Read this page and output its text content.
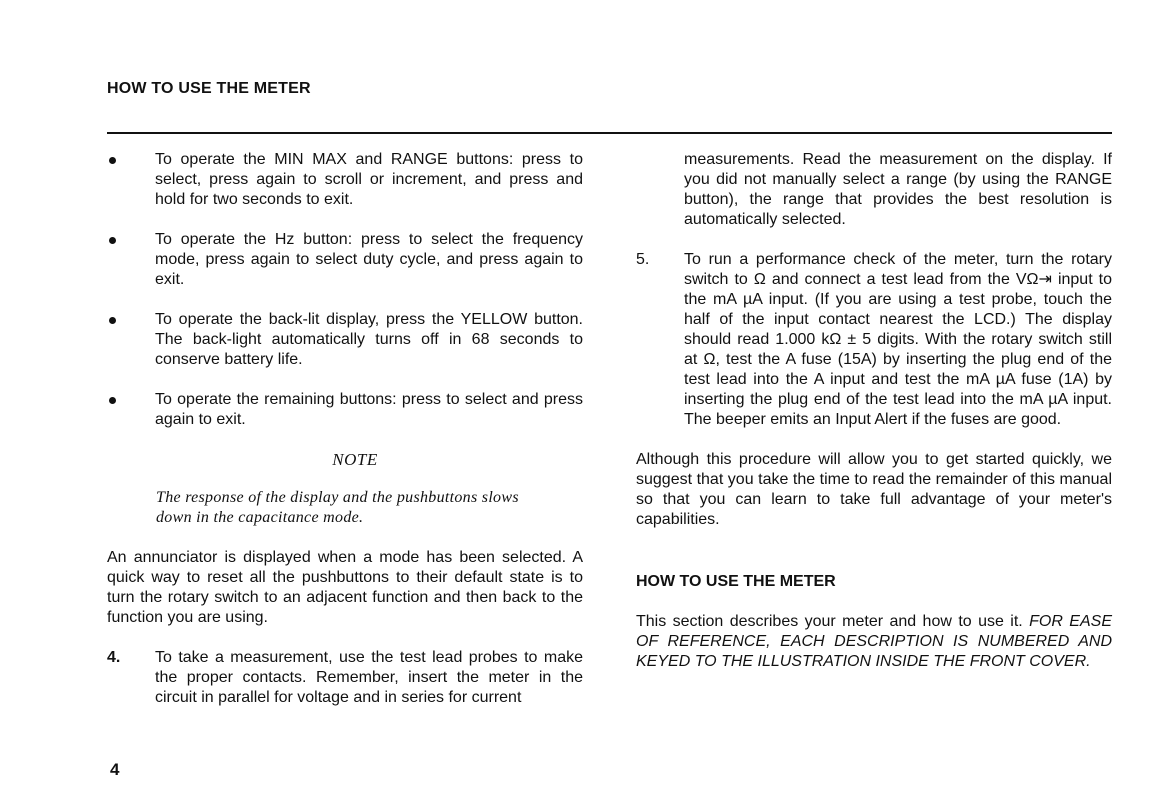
HOW TO USE THE METER
To operate the MIN MAX and RANGE buttons: press to select, press again to scroll or increment, and press and hold for two seconds to exit.
To operate the Hz button: press to select the frequency mode, press again to select duty cycle, and press again to exit.
To operate the back-lit display, press the YELLOW button. The back-light automatically turns off in 68 seconds to conserve battery life.
To operate the remaining buttons: press to select and press again to exit.
NOTE
The response of the display and the pushbuttons slows down in the capacitance mode.
An annunciator is displayed when a mode has been selected. A quick way to reset all the pushbuttons to their default state is to turn the rotary switch to an adjacent function and then back to the function you are using.
4. To take a measurement, use the test lead probes to make the proper contacts. Remember, insert the meter in the circuit in parallel for voltage and in series for current
measurements. Read the measurement on the display. If you did not manually select a range (by using the RANGE button), the range that provides the best resolution is automatically selected.
5. To run a performance check of the meter, turn the rotary switch to Ω and connect a test lead from the VΩ⇥ input to the mA µA input. (If you are using a test probe, touch the half of the input contact nearest the LCD.) The display should read 1.000 kΩ ± 5 digits. With the rotary switch still at Ω, test the A fuse (15A) by inserting the plug end of the test lead into the A input and test the mA µA fuse (1A) by inserting the plug end of the test lead into the mA µA input. The beeper emits an Input Alert if the fuses are good.
Although this procedure will allow you to get started quickly, we suggest that you take the time to read the remainder of this manual so that you can learn to take full advantage of your meter's capabilities.
HOW TO USE THE METER
This section describes your meter and how to use it. FOR EASE OF REFERENCE, EACH DESCRIPTION IS NUMBERED AND KEYED TO THE ILLUSTRATION INSIDE THE FRONT COVER.
4
